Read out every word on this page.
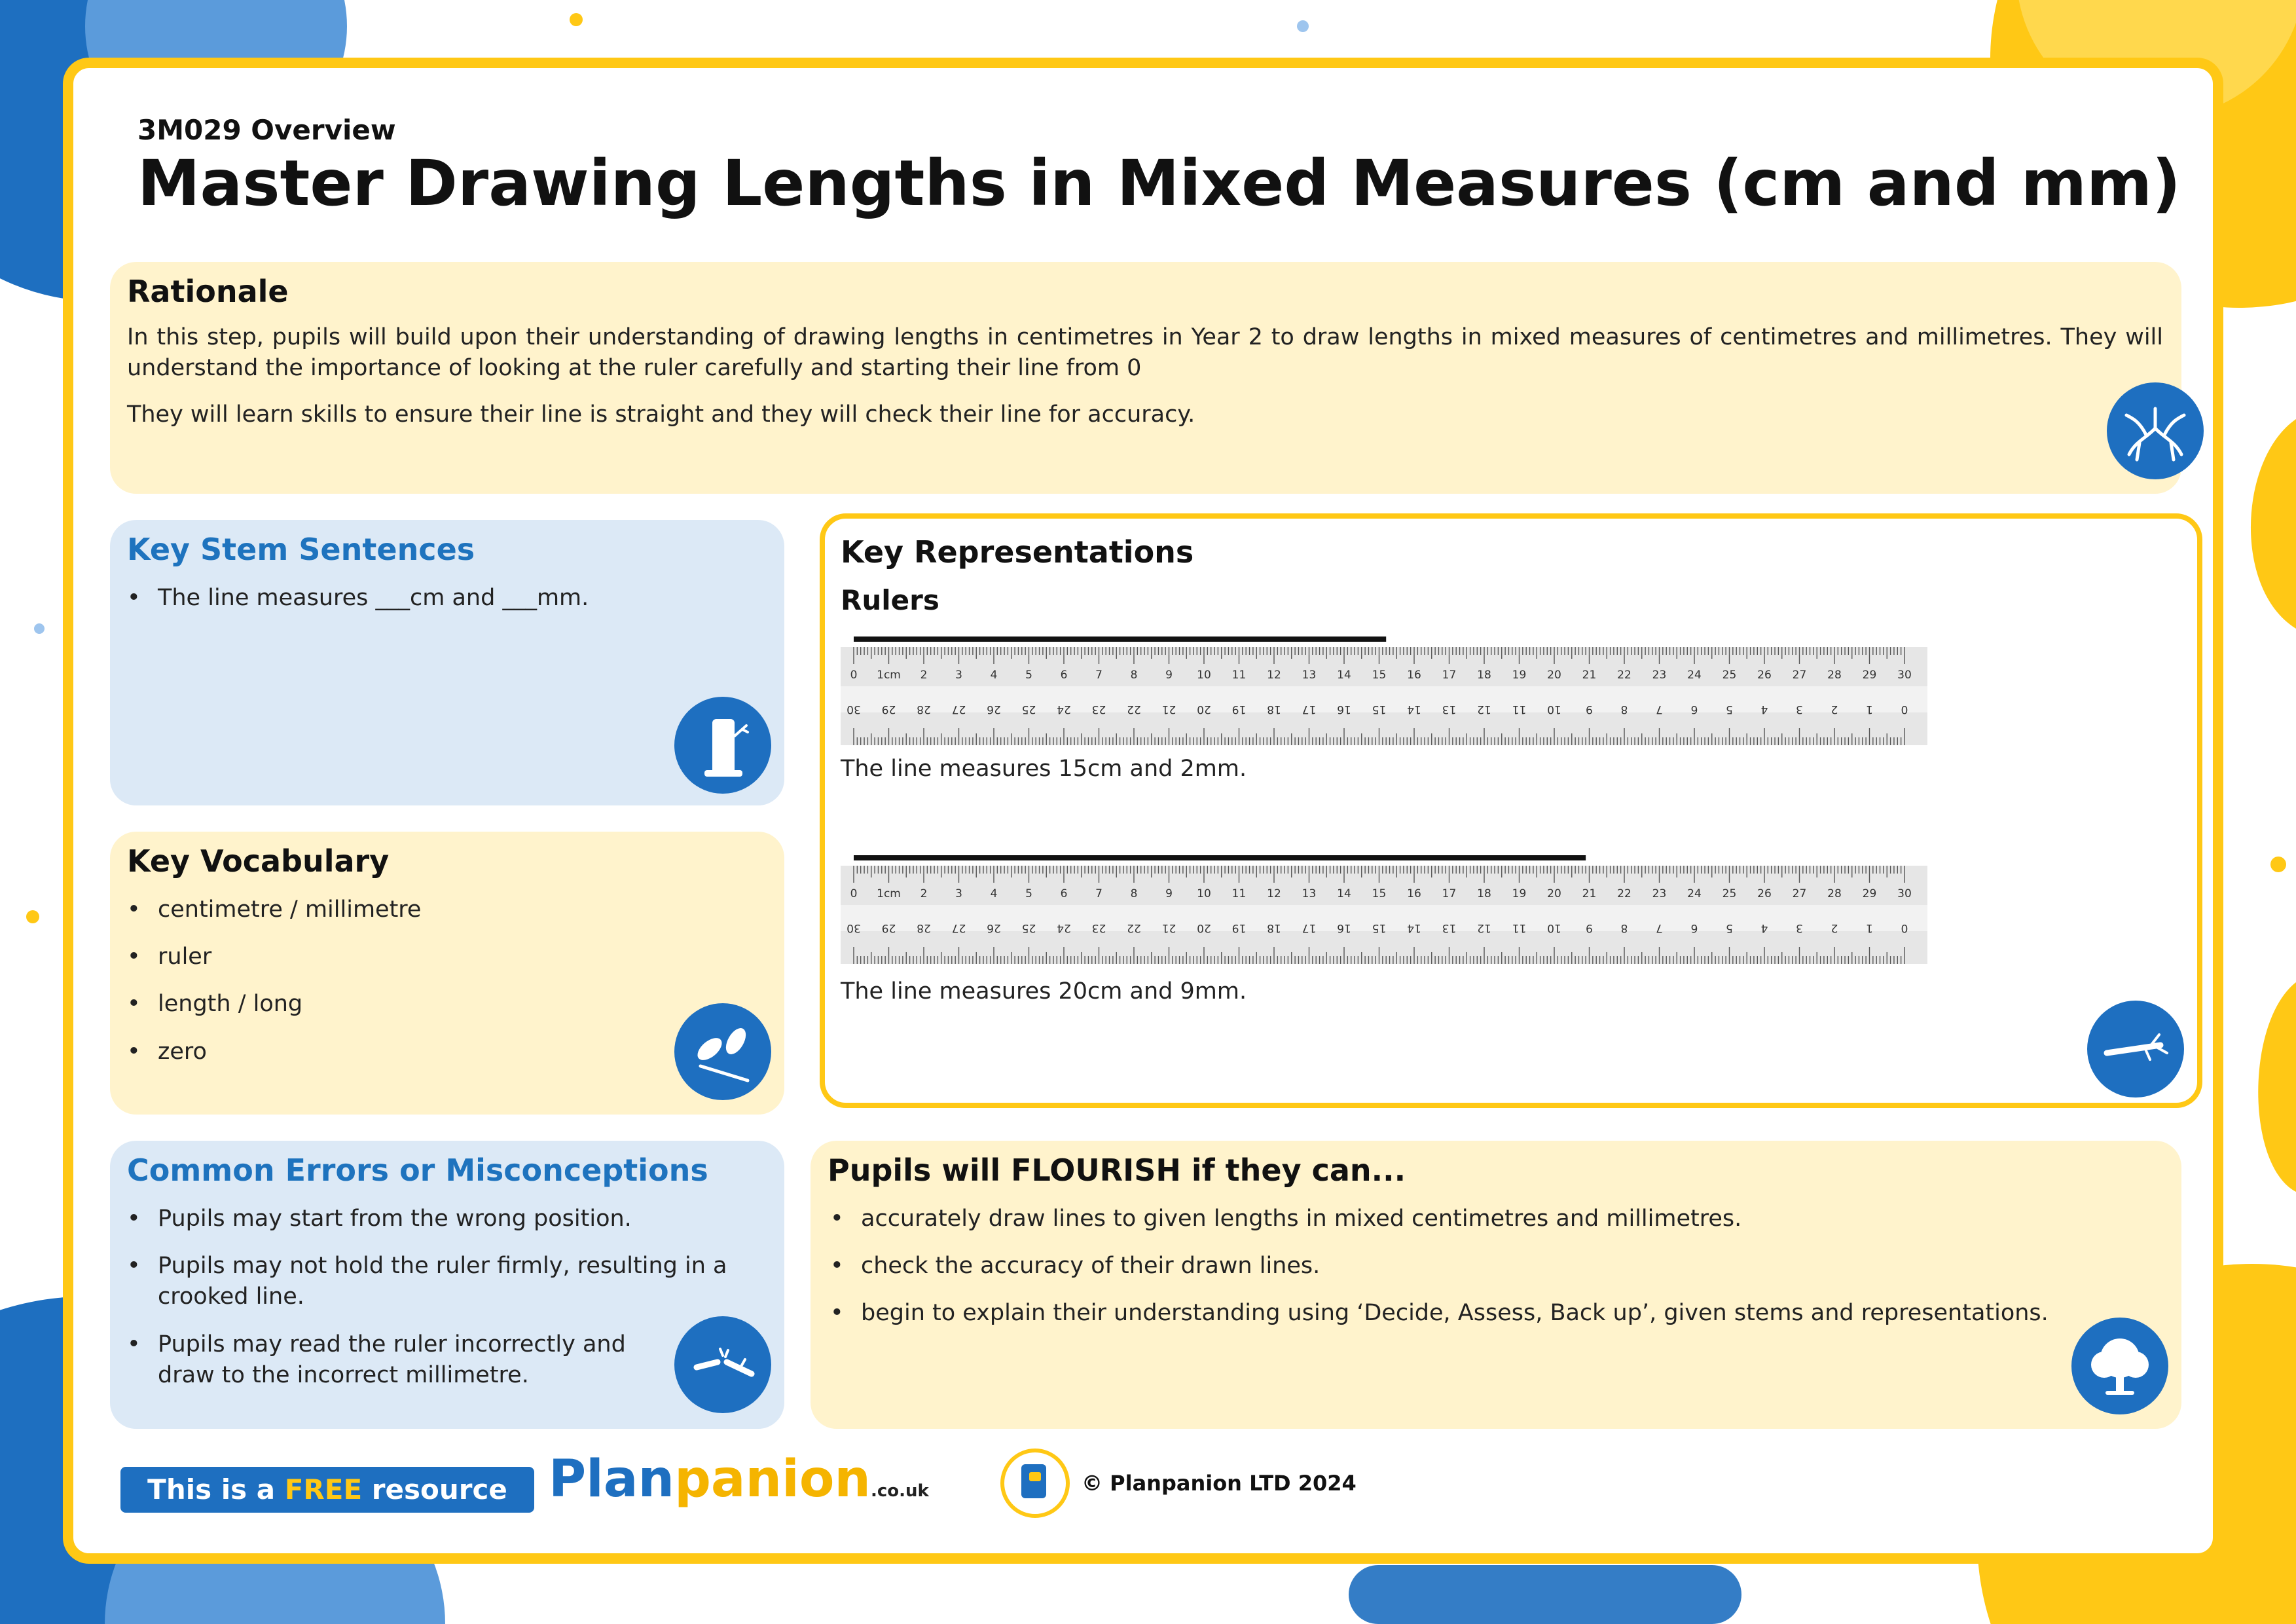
3M029 Overview
Master Drawing Lengths in Mixed Measures (cm and mm)
Rationale
In this step, pupils will build upon their understanding of drawing lengths in centimetres in Year 2 to draw lengths in mixed measures of centimetres and millimetres. They will understand the importance of looking at the ruler carefully and starting their line from 0
They will learn skills to ensure their line is straight and they will check their line for accuracy.
Key Stem Sentences
• The line measures ___cm and ___mm.
Key Vocabulary
• centimetre / millimetre
• ruler
• length / long
• zero
Common Errors or Misconceptions
• Pupils may start from the wrong position.
• Pupils may not hold the ruler firmly, resulting in a crooked line.
• Pupils may read the ruler incorrectly and draw to the incorrect millimetre.
Key Representations
Rulers
0
30
1cm
29
2
28
3
27
4
26
5
25
6
24
7
23
8
22
9
21
10
20
11
19
12
18
13
17
14
16
15
15
16
14
17
13
18
12
19
11
20
10
21
9
22
8
23
7
24
6
25
5
26
4
27
3
28
2
29
1
30
0
The line measures 15cm and 2mm.
0
30
1cm
29
2
28
3
27
4
26
5
25
6
24
7
23
8
22
9
21
10
20
11
19
12
18
13
17
14
16
15
15
16
14
17
13
18
12
19
11
20
10
21
9
22
8
23
7
24
6
25
5
26
4
27
3
28
2
29
1
30
0
The line measures 20cm and 9mm.
Pupils will FLOURISH if they can...
• accurately draw lines to given lengths in mixed centimetres and millimetres.
• check the accuracy of their drawn lines.
• begin to explain their understanding using ‘Decide, Assess, Back up’, given stems and representations.
This is a FREE resource from
Planpanion.co.uk	© Planpanion LTD 2024
